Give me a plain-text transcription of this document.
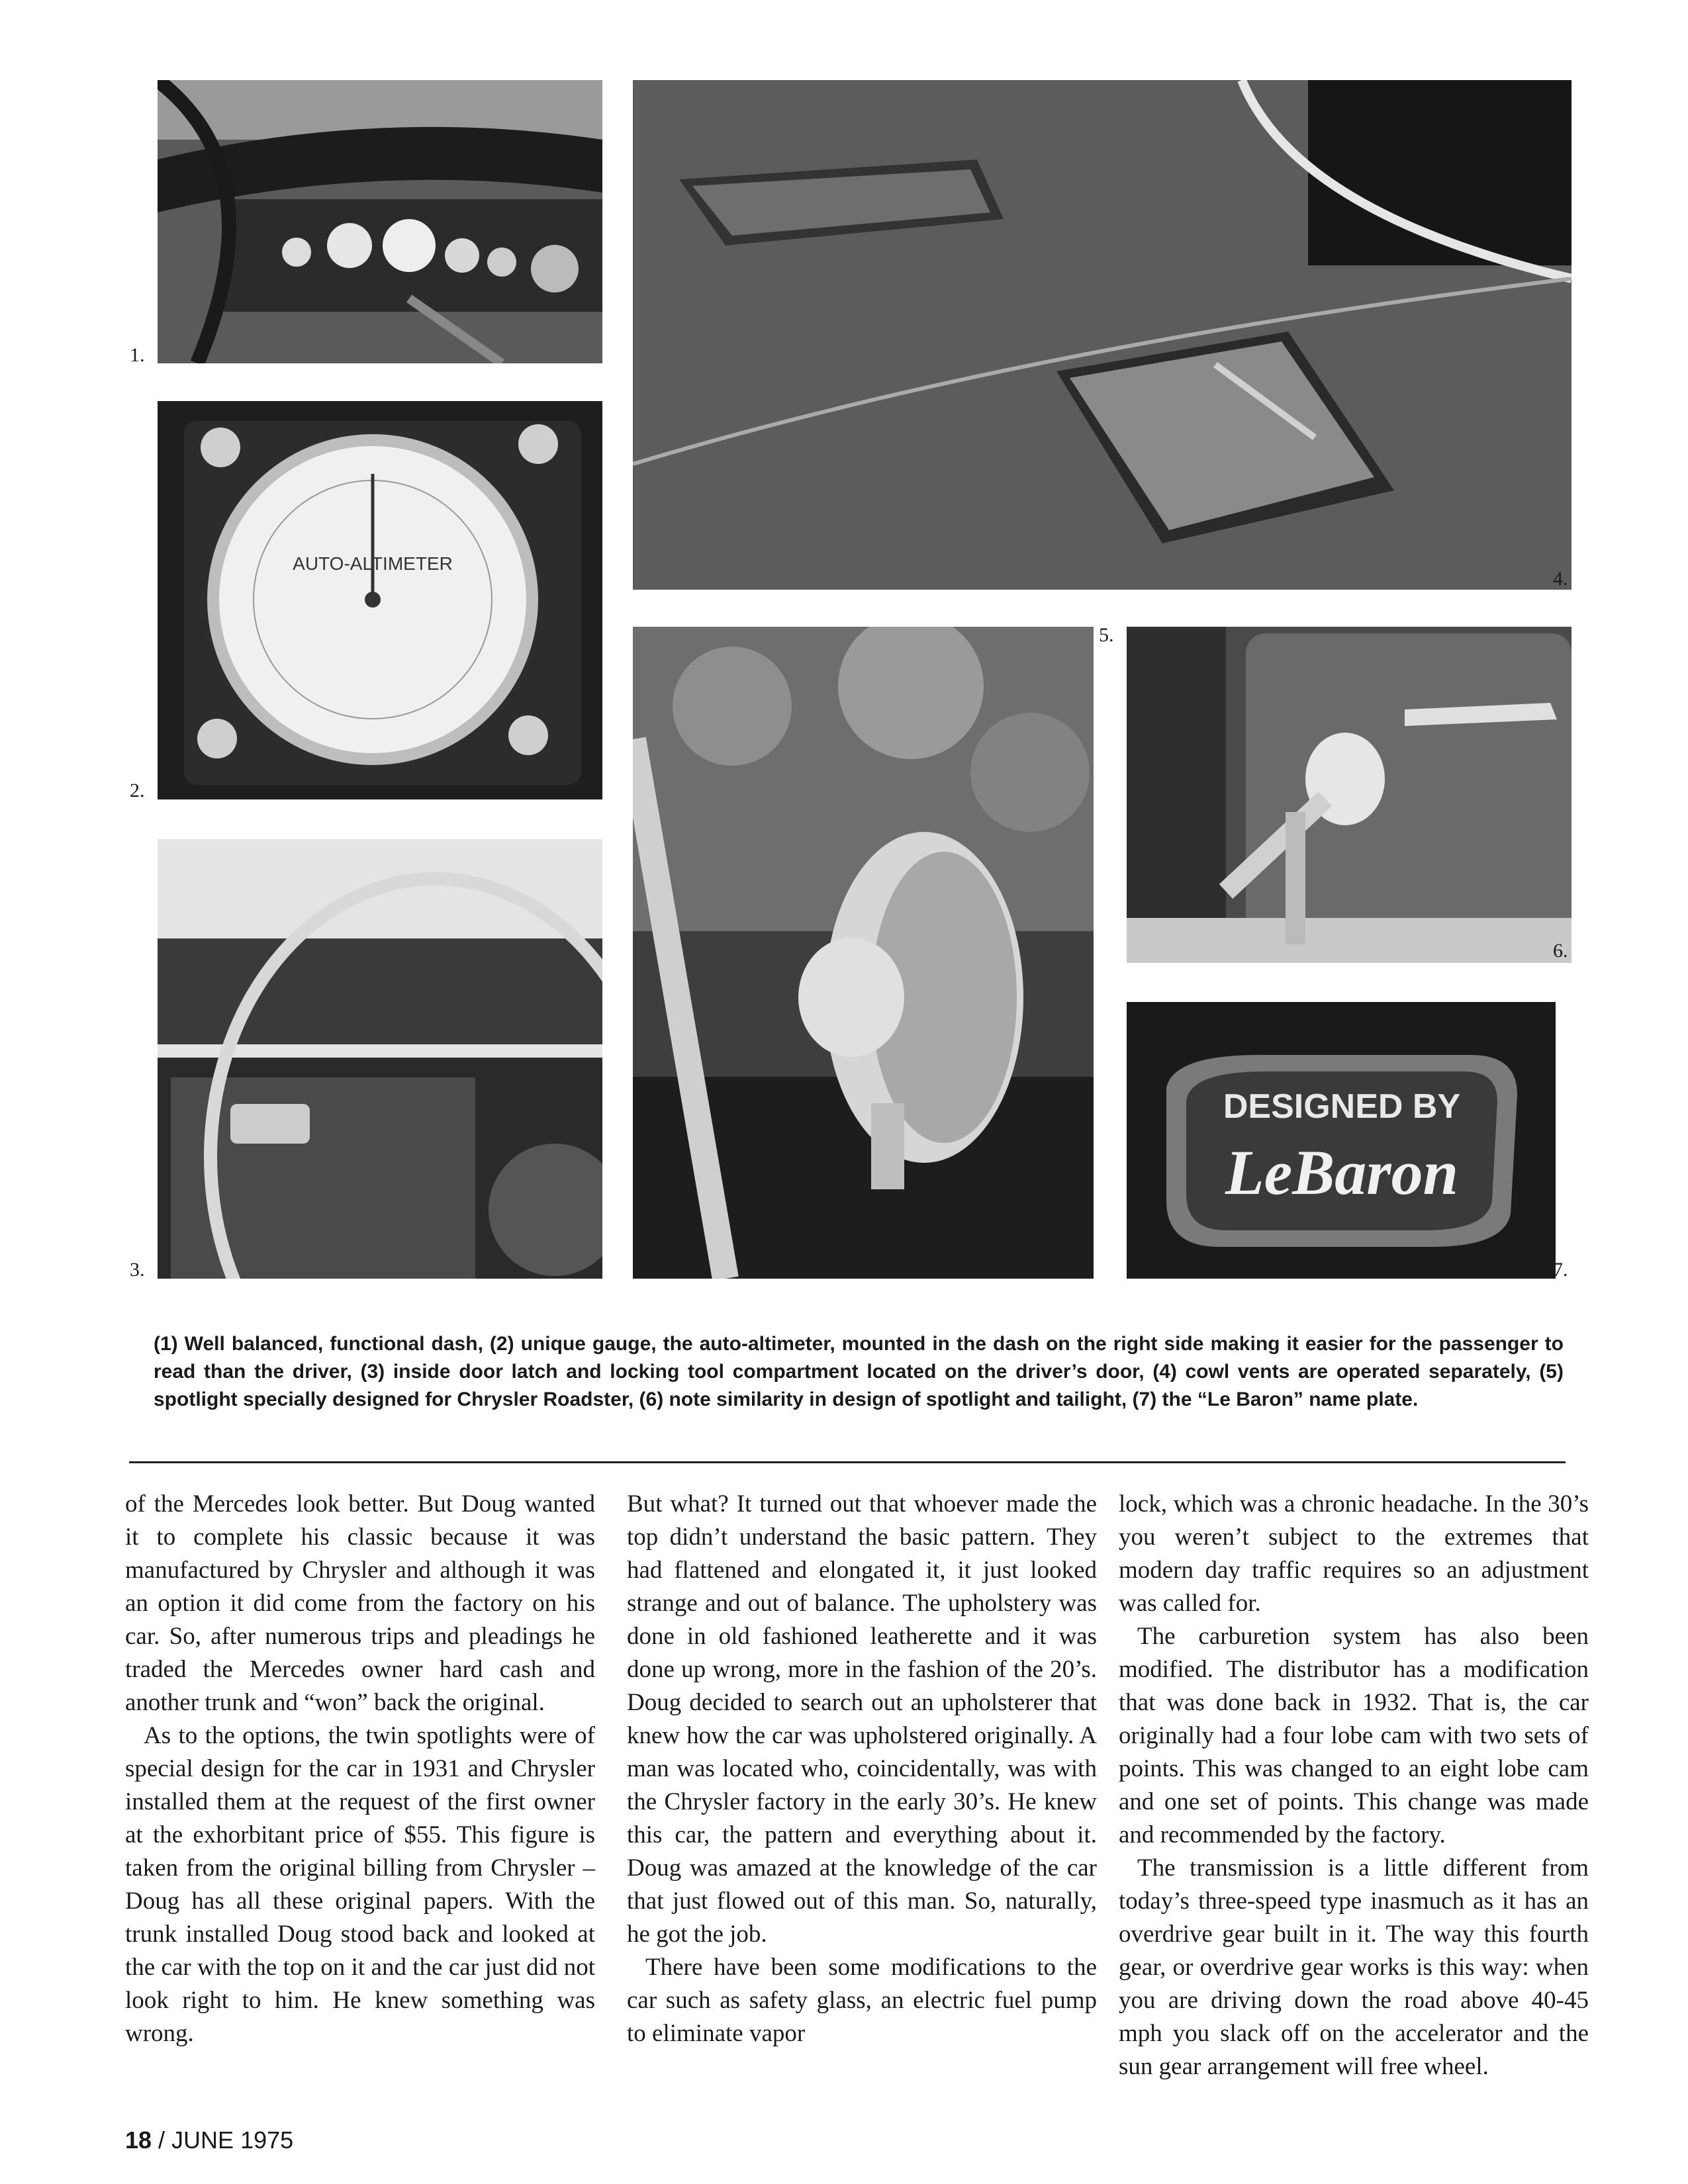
1.
AUTO-ALTIMETER
2.
3.
4.
5.
6.
DESIGNED BY
LeBaron
7.
(1) Well balanced, functional dash, (2) unique gauge, the auto-altimeter, mounted in the dash on the right side making it easier for the passenger to read than the driver, (3) inside door latch and locking tool compartment located on the driver’s door, (4) cowl vents are operated separately, (5) spotlight specially designed for Chrysler Roadster, (6) note similarity in design of spotlight and tailight, (7) the “Le Baron” name plate.

of the Mercedes look better. But Doug wanted it to complete his classic because it was manufactured by Chrysler and although it was an option it did come from the factory on his car. So, after numerous trips and pleadings he traded the Mercedes owner hard cash and another trunk and “won” back the original.

As to the options, the twin spotlights were of special design for the car in 1931 and Chrysler installed them at the request of the first owner at the exhorbitant price of $55. This figure is taken from the original billing from Chrysler – Doug has all these original papers. With the trunk installed Doug stood back and looked at the car with the top on it and the car just did not look right to him. He knew something was wrong.

But what? It turned out that whoever made the top didn’t understand the basic pattern. They had flattened and elongated it, it just looked strange and out of balance. The upholstery was done in old fashioned leatherette and it was done up wrong, more in the fashion of the 20’s. Doug decided to search out an upholsterer that knew how the car was upholstered originally. A man was located who, coincidentally, was with the Chrysler factory in the early 30’s. He knew this car, the pattern and everything about it. Doug was amazed at the knowledge of the car that just flowed out of this man. So, naturally, he got the job.

There have been some modifications to the car such as safety glass, an electric fuel pump to eliminate vapor

lock, which was a chronic headache. In the 30’s you weren’t subject to the extremes that modern day traffic requires so an adjustment was called for.

The carburetion system has also been modified. The distributor has a modification that was done back in 1932. That is, the car originally had a four lobe cam with two sets of points. This was changed to an eight lobe cam and one set of points. This change was made and recommended by the factory.

The transmission is a little different from today’s three-speed type inasmuch as it has an overdrive gear built in it. The way this fourth gear, or overdrive gear works is this way: when you are driving down the road above 40-45 mph you slack off on the accelerator and the sun gear arrangement will free wheel.

18 / JUNE 1975
